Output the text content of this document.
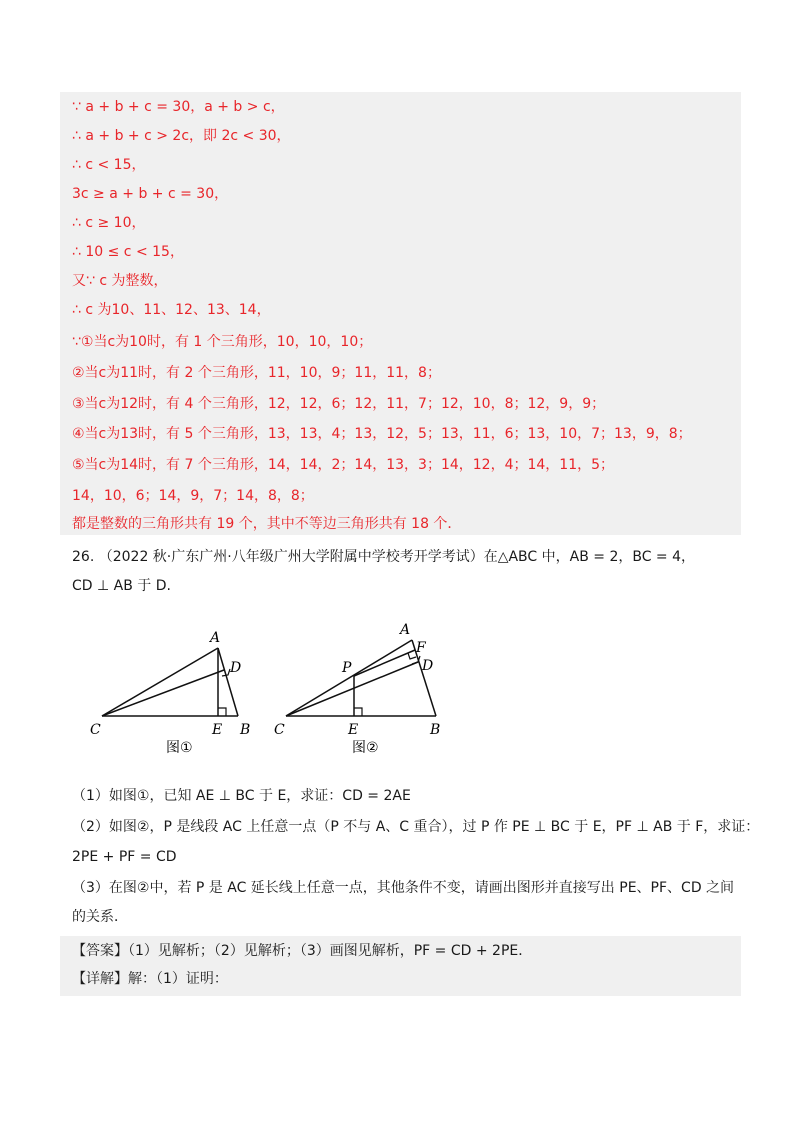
∵ a + b + c = 30，a + b > c，
∴ a + b + c > 2c，即 2c < 30，
∴ c < 15，
3c ≥ a + b + c = 30，
∴ c ≥ 10，
∴ 10 ≤ c < 15，
又∵ c 为整数，
∴ c 为10、11、12、13、14，
∵①当c为10时，有 1 个三角形，10，10，10；
②当c为11时，有 2 个三角形，11，10，9；11，11，8；
③当c为12时，有 4 个三角形，12，12，6；12，11，7；12，10，8；12，9，9；
④当c为13时，有 5 个三角形，13，13，4；13，12，5；13，11，6；13，10，7；13，9，8；
⑤当c为14时，有 7 个三角形，14，14，2；14，13，3；14，12，4；14，11，5；
14，10，6；14，9，7；14，8，8；
都是整数的三角形共有 19 个，其中不等边三角形共有 18 个．
26. （2022 秋·广东广州·八年级广州大学附属中学校考开学考试）在△ABC 中，AB = 2，BC = 4，
CD ⊥ AB 于 D.
A
D
C	E B
图①
A
F
D
P
C	E	B
图②
（1）如图①，已知 AE ⊥ BC 于 E，求证：CD = 2AE
（2）如图②，P 是线段 AC 上任意一点（P 不与 A、C 重合），过 P 作 PE ⊥ BC 于 E，PF ⊥ AB 于 F，求证：
2PE + PF = CD
（3）在图②中，若 P 是 AC 延长线上任意一点，其他条件不变，请画出图形并直接写出 PE、PF、CD 之间
的关系．
【答案】（1）见解析；（2）见解析；（3）画图见解析，PF = CD + 2PE．
【详解】解：（1）证明：
